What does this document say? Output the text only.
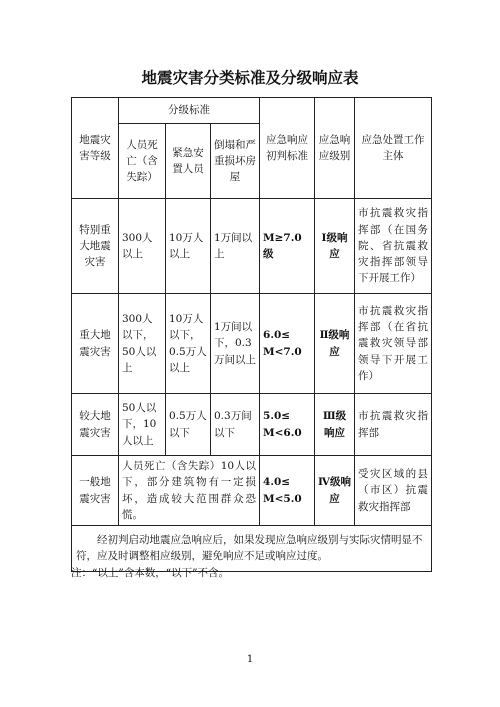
地震灾害分类标准及分级响应表
地震灾害等级	分级标准			应急响应初判标准	应急响应级别	应急处置工作主体
	人员死亡（含失踪）	紧急安置人员	倒塌和严重损坏房屋			
特别重大地震灾害	300人以上	10万人以上	1万间以上	M≥7.0级	Ⅰ级响应	市抗震救灾指挥部（在国务院、省抗震救灾指挥部领导下开展工作）
重大地震灾害	300人以下，50人以上	10万人以下，0.5万人以上	1万间以下，0.3万间以上	6.0≤ M<7.0	Ⅱ级响应	市抗震救灾指挥部（在省抗震救灾领导部领导下开展工作）
较大地震灾害	50人以下，10人以上	0.5万人以下	0.3万间以下	5.0≤ M<6.0	Ⅲ级响应	市抗震救灾指挥部
一般地震灾害	人员死亡（含失踪）10人以下，部分建筑物有一定损坏，造成较大范围群众恐慌。			4.0≤ M<5.0	Ⅳ级响应	受灾区域的县（市区）抗震救灾指挥部
经初判启动地震应急响应后，如果发现应急响应级别与实际灾情明显不符，应及时调整相应级别，避免响应不足或响应过度。						
注：“以上”含本数，“以下”不含。
1
